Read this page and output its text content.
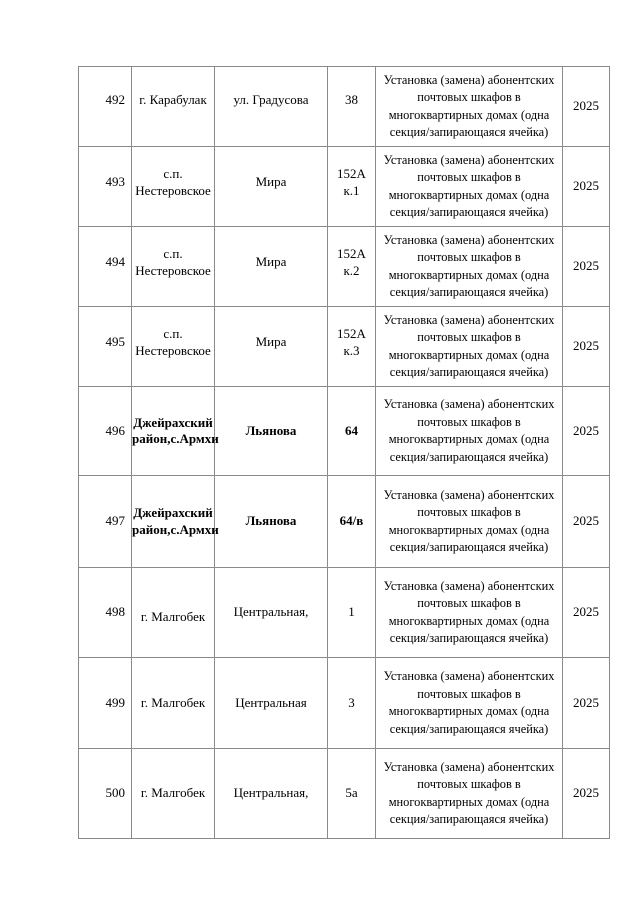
492	г. Карабулак	ул. Градусова	38	Установка (замена) абонентских почтовых шкафов в многоквартирных домах (одна секция/запирающаяся ячейка)	2025
493	с.п. Нестеровское	Мира	152А к.1	Установка (замена) абонентских почтовых шкафов в многоквартирных домах (одна секция/запирающаяся ячейка)	2025
494	с.п. Нестеровское	Мира	152А к.2	Установка (замена) абонентских почтовых шкафов в многоквартирных домах (одна секция/запирающаяся ячейка)	2025
495	с.п. Нестеровское	Мира	152А к.3	Установка (замена) абонентских почтовых шкафов в многоквартирных домах (одна секция/запирающаяся ячейка)	2025
496	Джейрахский район,с.Армхи	Льянова	64	Установка (замена) абонентских почтовых шкафов в многоквартирных домах (одна секция/запирающаяся ячейка)	2025
497	Джейрахский район,с.Армхи	Льянова	64/в	Установка (замена) абонентских почтовых шкафов в многоквартирных домах (одна секция/запирающаяся ячейка)	2025
498	г. Малгобек	Центральная,	1	Установка (замена) абонентских почтовых шкафов в многоквартирных домах (одна секция/запирающаяся ячейка)	2025
499	г. Малгобек	Центральная	3	Установка (замена) абонентских почтовых шкафов в многоквартирных домах (одна секция/запирающаяся ячейка)	2025
500	г. Малгобек	Центральная,	5а	Установка (замена) абонентских почтовых шкафов в многоквартирных домах (одна секция/запирающаяся ячейка)	2025
